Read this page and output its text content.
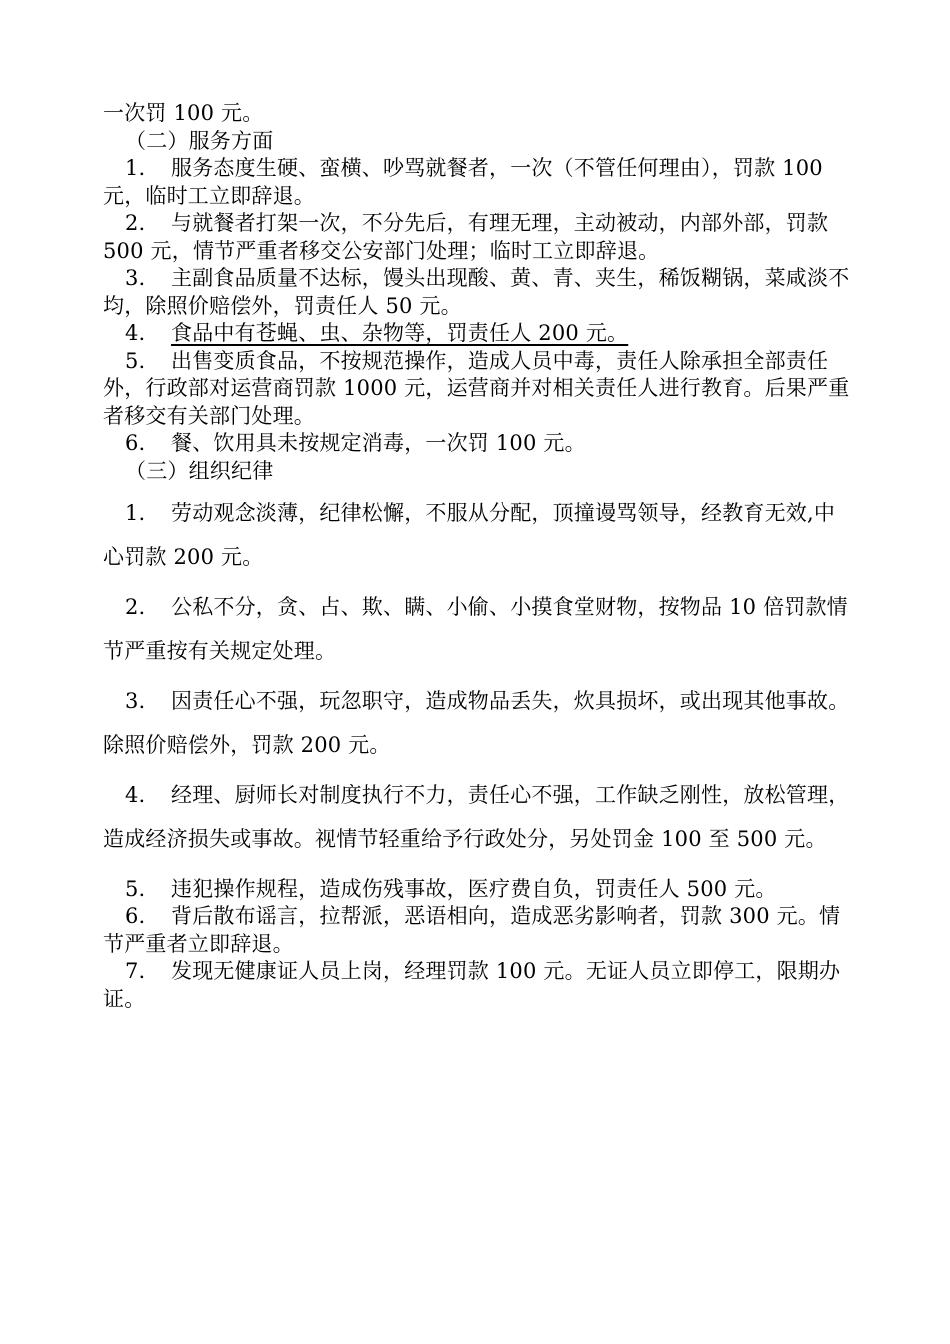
一次罚 100 元。

（二）服务方面

1. 服务态度生硬、蛮横、吵骂就餐者，一次（不管任何理由），罚款 100 元，临时工立即辞退。

2. 与就餐者打架一次，不分先后，有理无理，主动被动，内部外部，罚款 500 元，情节严重者移交公安部门处理；临时工立即辞退。

3. 主副食品质量不达标，馒头出现酸、黄、青、夹生，稀饭糊锅，菜咸淡不均，除照价赔偿外，罚责任人 50 元。

4. 食品中有苍蝇、虫、杂物等，罚责任人 200 元。

5. 出售变质食品，不按规范操作，造成人员中毒，责任人除承担全部责任外，行政部对运营商罚款 1000 元，运营商并对相关责任人进行教育。后果严重者移交有关部门处理。

6. 餐、饮用具未按规定消毒，一次罚 100 元。

（三）组织纪律

1. 劳动观念淡薄，纪律松懈，不服从分配，顶撞谩骂领导，经教育无效,中心罚款 200 元。

2. 公私不分，贪、占、欺、瞒、小偷、小摸食堂财物，按物品 10 倍罚款情节严重按有关规定处理。

3. 因责任心不强，玩忽职守，造成物品丢失，炊具损坏，或出现其他事故。除照价赔偿外，罚款 200 元。

4. 经理、厨师长对制度执行不力，责任心不强，工作缺乏刚性，放松管理，造成经济损失或事故。视情节轻重给予行政处分，另处罚金 100 至 500 元。

5. 违犯操作规程，造成伤残事故，医疗费自负，罚责任人 500 元。

6. 背后散布谣言，拉帮派，恶语相向，造成恶劣影响者，罚款 300 元。情节严重者立即辞退。

7. 发现无健康证人员上岗，经理罚款 100 元。无证人员立即停工，限期办证。
